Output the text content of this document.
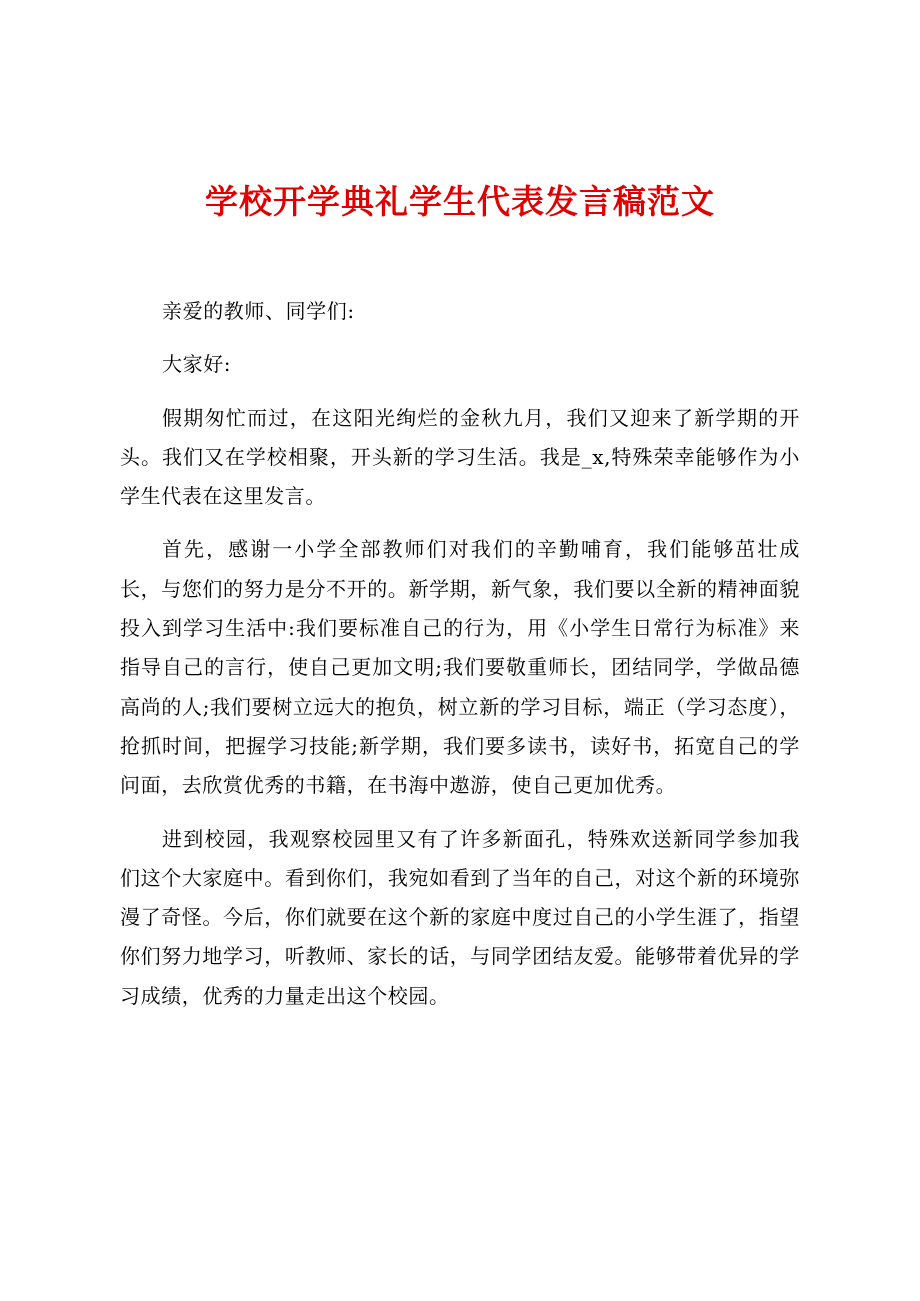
学校开学典礼学生代表发言稿范文

亲爱的教师、同学们:

大家好:

假期匆忙而过，在这阳光绚烂的金秋九月，我们又迎来了新学期的开头。我们又在学校相聚，开头新的学习生活。我是_x,特殊荣幸能够作为小学生代表在这里发言。

首先，感谢一小学全部教师们对我们的辛勤哺育，我们能够茁壮成长，与您们的努力是分不开的。新学期，新气象，我们要以全新的精神面貌投入到学习生活中:我们要标准自己的行为，用《小学生日常行为标准》来指导自己的言行，使自己更加文明;我们要敬重师长，团结同学，学做品德高尚的人;我们要树立远大的抱负，树立新的学习目标，端正（学习态度），抢抓时间，把握学习技能;新学期，我们要多读书，读好书，拓宽自己的学问面，去欣赏优秀的书籍，在书海中遨游，使自己更加优秀。

进到校园，我观察校园里又有了许多新面孔，特殊欢送新同学参加我们这个大家庭中。看到你们，我宛如看到了当年的自己，对这个新的环境弥漫了奇怪。今后，你们就要在这个新的家庭中度过自己的小学生涯了，指望你们努力地学习，听教师、家长的话，与同学团结友爱。能够带着优异的学习成绩，优秀的力量走出这个校园。
